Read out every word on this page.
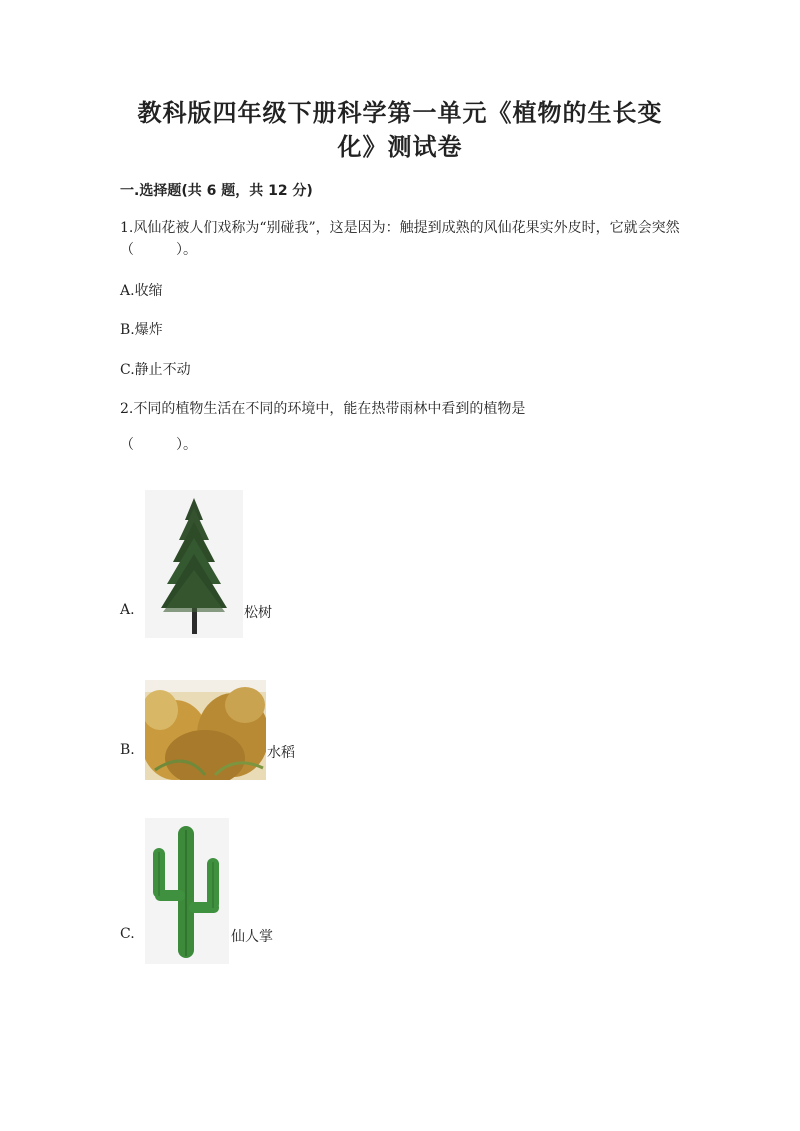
教科版四年级下册科学第一单元《植物的生长变
化》测试卷
一.选择题(共 6 题，共 12 分)
1.风仙花被人们戏称为“别碰我”，这是因为：触提到成熟的风仙花果实外皮时，它就会突然（　　　）。
A.收缩
B.爆炸
C.静止不动
2.不同的植物生活在不同的环境中，能在热带雨林中看到的植物是
（　　　）。
A.	松树
B.	水稻
C.	仙人掌
